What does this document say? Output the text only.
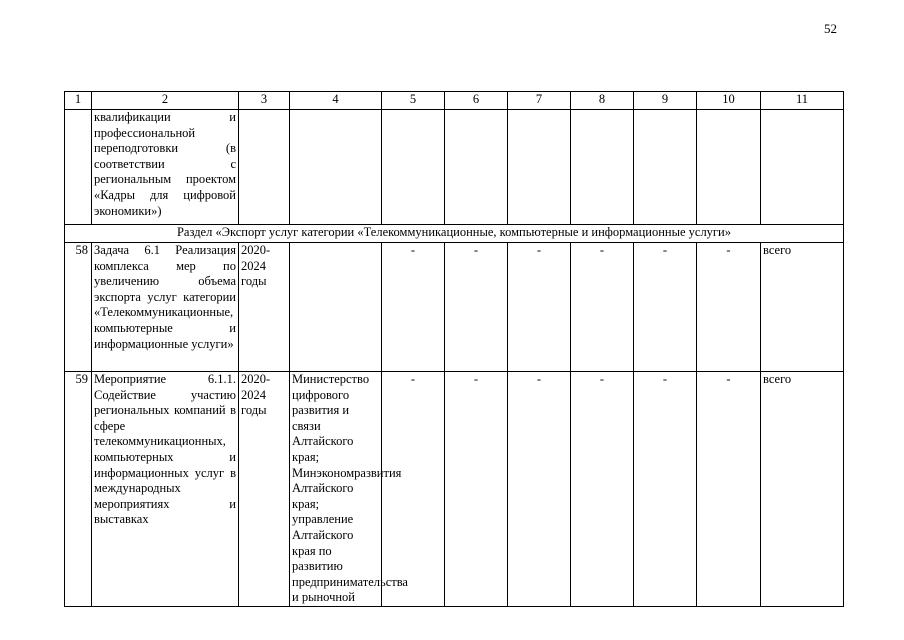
52
1	2	3	4	5	6	7	8	9	10	11
	квалификации и профессиональной переподготовки (в соответствии с региональным проектом «Кадры для цифровой экономики»)									
Раздел «Экспорт услуг категории «Телекоммуникационные, компьютерные и информационные услуги»										
58	Задача 6.1 Реализация комплекса мер по увеличению объема экспорта услуг категории «Телекоммуникационные, компьютерные и информационные услуги»	2020-2024 годы		-	-	-	-	-	-	всего
59	Мероприятие 6.1.1. Содействие участию региональных компаний в сфере телекоммуникационных, компьютерных и информационных услуг в международных мероприятиях и выставках	2020-2024 годы	Министерство цифрового развития и связи Алтайского края; Минэкономразвития Алтайского края; управление Алтайского края по развитию предпринимательства и рыночной	-	-	-	-	-	-	всего
